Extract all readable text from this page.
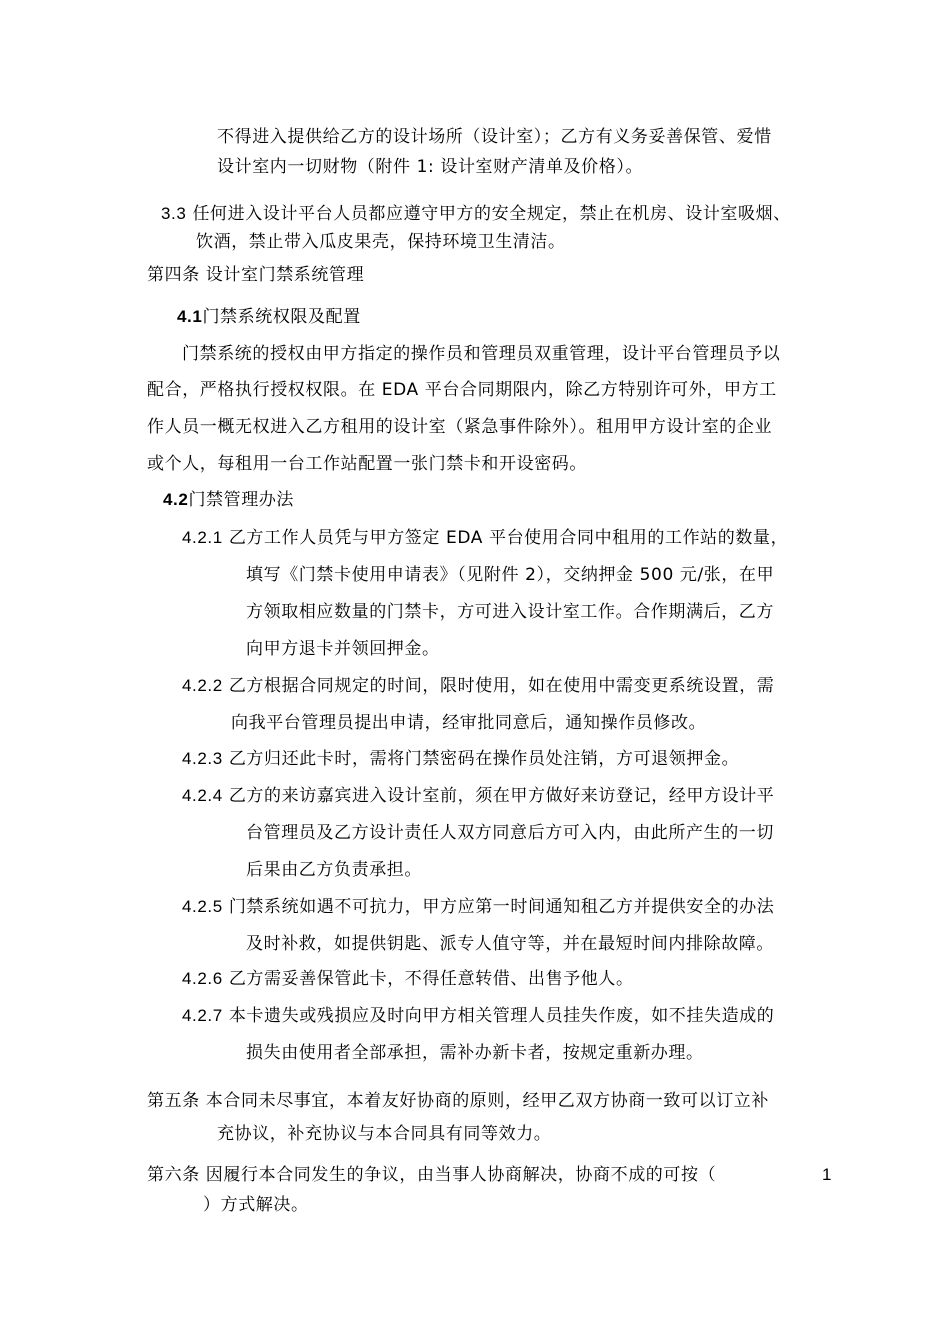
不得进入提供给乙方的设计场所（设计室）；乙方有义务妥善保管、爱惜
设计室内一切财物（附件 1: 设计室财产清单及价格）。
3.3 任何进入设计平台人员都应遵守甲方的安全规定，禁止在机房、设计室吸烟、
饮酒，禁止带入瓜皮果壳，保持环境卫生清洁。
第四条 设计室门禁系统管理
4.1门禁系统权限及配置
门禁系统的授权由甲方指定的操作员和管理员双重管理，设计平台管理员予以
配合，严格执行授权权限。在 EDA 平台合同期限内，除乙方特别许可外，甲方工
作人员一概无权进入乙方租用的设计室（紧急事件除外）。租用甲方设计室的企业
或个人，每租用一台工作站配置一张门禁卡和开设密码。
4.2门禁管理办法
4.2.1 乙方工作人员凭与甲方签定 EDA 平台使用合同中租用的工作站的数量，
填写《门禁卡使用申请表》（见附件 2），交纳押金 500 元/张，在甲
方领取相应数量的门禁卡，方可进入设计室工作。合作期满后，乙方
向甲方退卡并领回押金。
4.2.2 乙方根据合同规定的时间，限时使用，如在使用中需变更系统设置，需
向我平台管理员提出申请，经审批同意后，通知操作员修改。
4.2.3 乙方归还此卡时，需将门禁密码在操作员处注销，方可退领押金。
4.2.4 乙方的来访嘉宾进入设计室前，须在甲方做好来访登记，经甲方设计平
台管理员及乙方设计责任人双方同意后方可入内，由此所产生的一切
后果由乙方负责承担。
4.2.5 门禁系统如遇不可抗力，甲方应第一时间通知租乙方并提供安全的办法
及时补救，如提供钥匙、派专人值守等，并在最短时间内排除故障。
4.2.6 乙方需妥善保管此卡，不得任意转借、出售予他人。
4.2.7 本卡遗失或残损应及时向甲方相关管理人员挂失作废，如不挂失造成的
损失由使用者全部承担，需补办新卡者，按规定重新办理。
第五条 本合同未尽事宜，本着友好协商的原则，经甲乙双方协商一致可以订立补
充协议，补充协议与本合同具有同等效力。
第六条 因履行本合同发生的争议，由当事人协商解决，协商不成的可按（	1
）方式解决。
